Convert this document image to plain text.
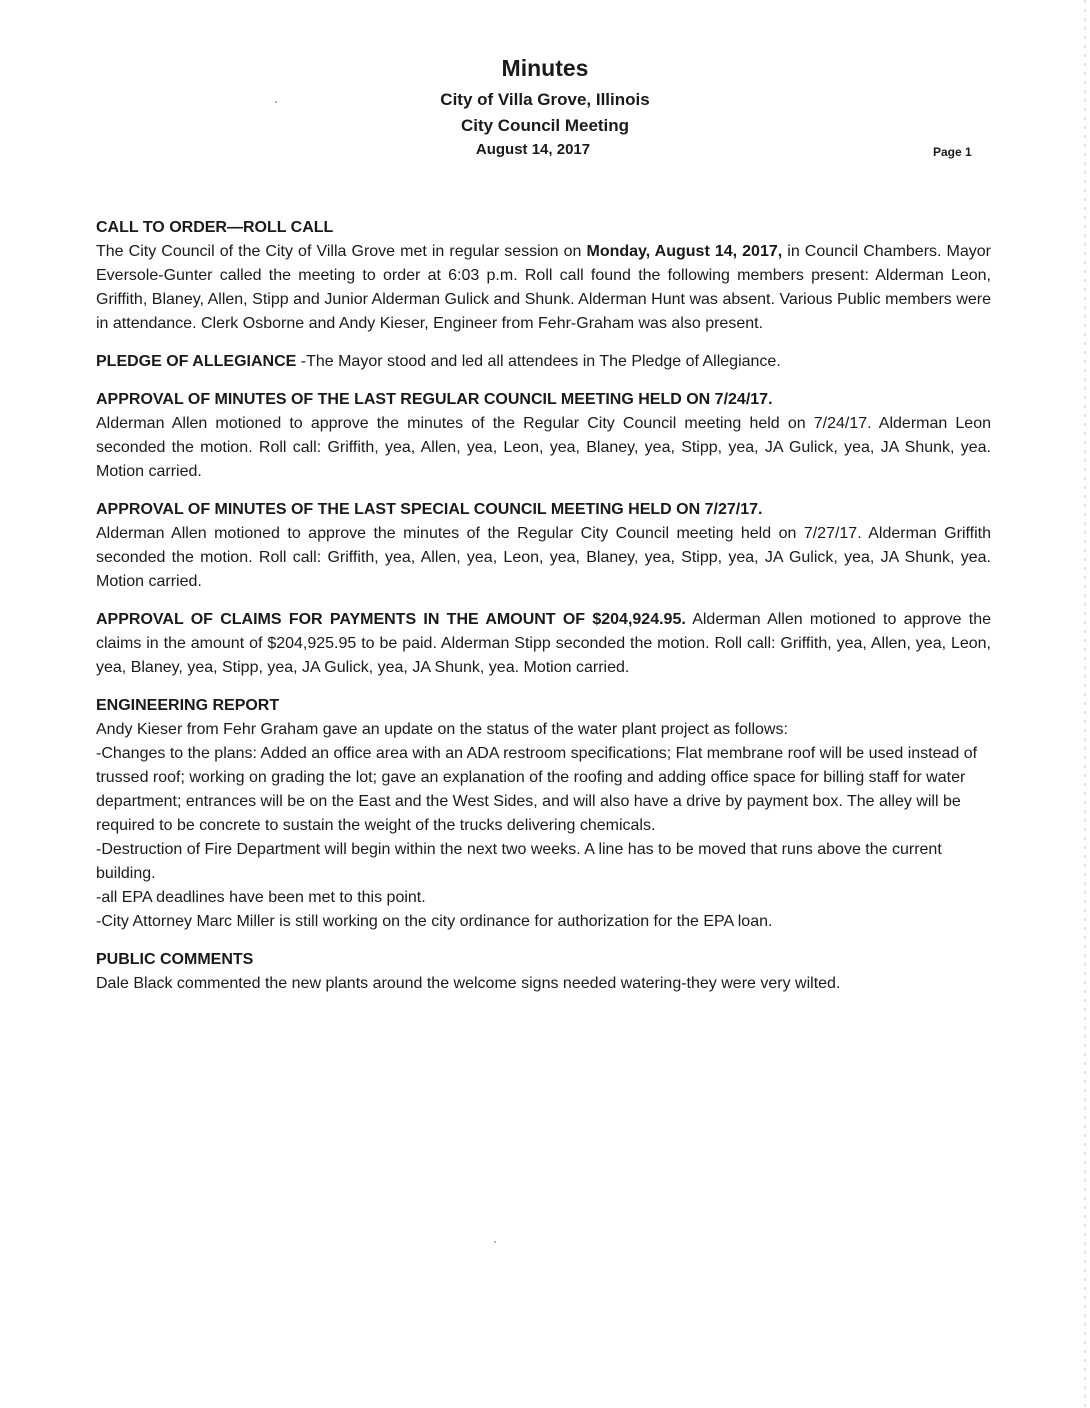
Minutes
City of Villa Grove, Illinois
City Council Meeting
August 14, 2017	Page 1
CALL TO ORDER—ROLL CALL

The City Council of the City of Villa Grove met in regular session on Monday, August 14, 2017, in Council Chambers. Mayor Eversole-Gunter called the meeting to order at 6:03 p.m. Roll call found the following members present: Alderman Leon, Griffith, Blaney, Allen, Stipp and Junior Alderman Gulick and Shunk. Alderman Hunt was absent. Various Public members were in attendance. Clerk Osborne and Andy Kieser, Engineer from Fehr-Graham was also present.

PLEDGE OF ALLEGIANCE -The Mayor stood and led all attendees in The Pledge of Allegiance.

APPROVAL OF MINUTES OF THE LAST REGULAR COUNCIL MEETING HELD ON 7/24/17.

Alderman Allen motioned to approve the minutes of the Regular City Council meeting held on 7/24/17. Alderman Leon seconded the motion. Roll call: Griffith, yea, Allen, yea, Leon, yea, Blaney, yea, Stipp, yea, JA Gulick, yea, JA Shunk, yea. Motion carried.

APPROVAL OF MINUTES OF THE LAST SPECIAL COUNCIL MEETING HELD ON 7/27/17.

Alderman Allen motioned to approve the minutes of the Regular City Council meeting held on 7/27/17. Alderman Griffith seconded the motion. Roll call: Griffith, yea, Allen, yea, Leon, yea, Blaney, yea, Stipp, yea, JA Gulick, yea, JA Shunk, yea. Motion carried.

APPROVAL OF CLAIMS FOR PAYMENTS IN THE AMOUNT OF $204,924.95. Alderman Allen motioned to approve the claims in the amount of $204,925.95 to be paid. Alderman Stipp seconded the motion. Roll call: Griffith, yea, Allen, yea, Leon, yea, Blaney, yea, Stipp, yea, JA Gulick, yea, JA Shunk, yea. Motion carried.

ENGINEERING REPORT
Andy Kieser from Fehr Graham gave an update on the status of the water plant project as follows:
-Changes to the plans: Added an office area with an ADA restroom specifications; Flat membrane roof will be used instead of trussed roof; working on grading the lot; gave an explanation of the roofing and adding office space for billing staff for water department; entrances will be on the East and the West Sides, and will also have a drive by payment box. The alley will be required to be concrete to sustain the weight of the trucks delivering chemicals.
-Destruction of Fire Department will begin within the next two weeks. A line has to be moved that runs above the current building.
-all EPA deadlines have been met to this point.
-City Attorney Marc Miller is still working on the city ordinance for authorization for the EPA loan.
PUBLIC COMMENTS
Dale Black commented the new plants around the welcome signs needed watering-they were very wilted.
